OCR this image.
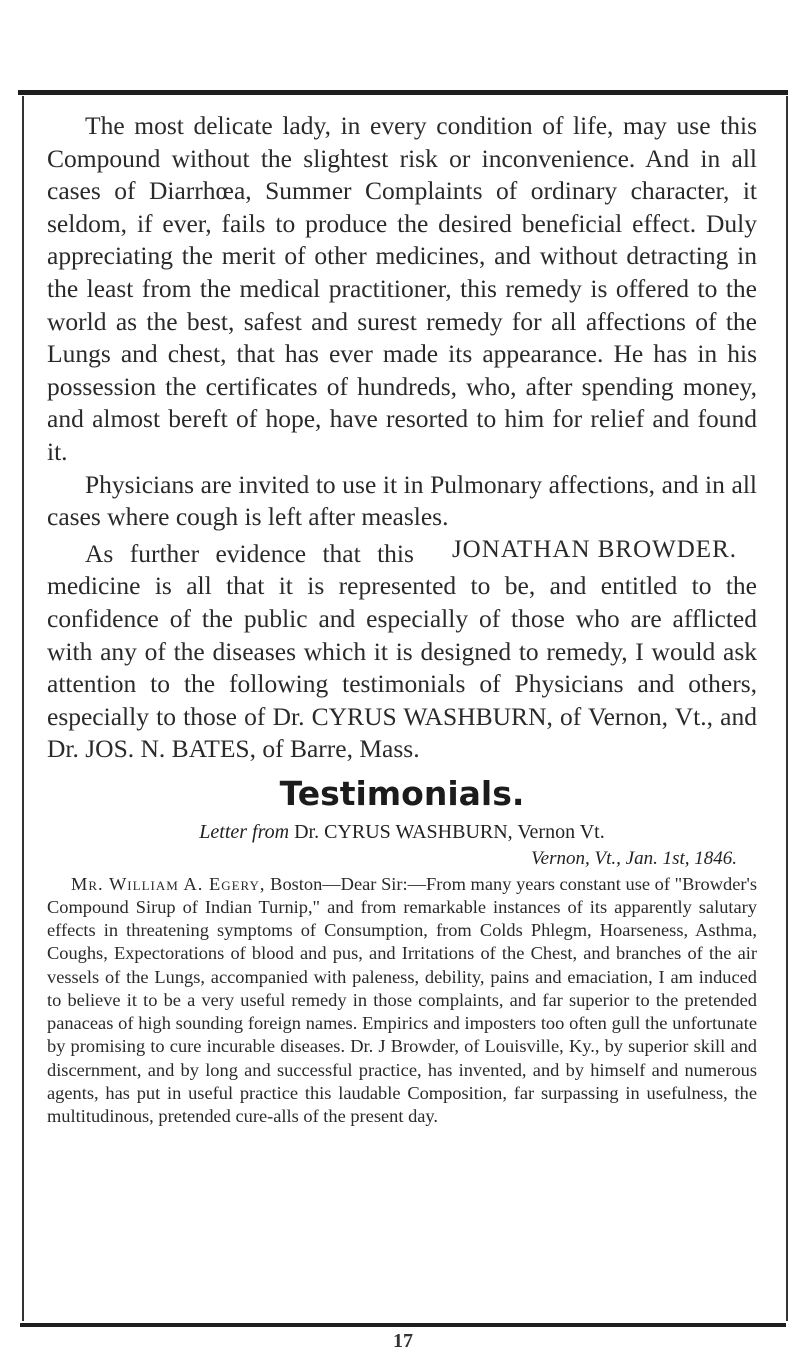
The most delicate lady, in every condition of life, may use this Compound without the slightest risk or inconvenience. And in all cases of Diarrhœa, Summer Complaints of ordinary character, it seldom, if ever, fails to produce the desired beneficial effect. Duly appreciating the merit of other medicines, and without detracting in the least from the medical practitioner, this remedy is offered to the world as the best, safest and surest remedy for all affections of the Lungs and chest, that has ever made its appearance. He has in his possession the certificates of hundreds, who, after spending money, and almost bereft of hope, have resorted to him for relief and found it.

Physicians are invited to use it in Pulmonary affections, and in all cases where cough is left after measles.
JONATHAN BROWDER.

As further evidence that this medicine is all that it is represented to be, and entitled to the confidence of the public and especially of those who are afflicted with any of the diseases which it is designed to remedy, I would ask attention to the following testimonials of Physicians and others, especially to those of Dr. CYRUS WASHBURN, of Vernon, Vt., and Dr. JOS. N. BATES, of Barre, Mass.

Testimonials.

Letter from Dr. CYRUS WASHBURN, Vernon Vt.

Vernon, Vt., Jan. 1st, 1846.

Mr. William A. Egery, Boston—Dear Sir:—From many years constant use of "Browder's Compound Sirup of Indian Turnip," and from remarkable instances of its apparently salutary effects in threatening symptoms of Consumption, from Colds Phlegm, Hoarseness, Asthma, Coughs, Expectorations of blood and pus, and Irritations of the Chest, and branches of the air vessels of the Lungs, accompanied with paleness, debility, pains and emaciation, I am induced to believe it to be a very useful remedy in those complaints, and far superior to the pretended panaceas of high sounding foreign names. Empirics and imposters too often gull the unfortunate by promising to cure incurable diseases. Dr. J Browder, of Louisville, Ky., by superior skill and discernment, and by long and successful practice, has invented, and by himself and numerous agents, has put in useful practice this laudable Composition, far surpassing in usefulness, the multitudinous, pretended cure-alls of the present day.

17
